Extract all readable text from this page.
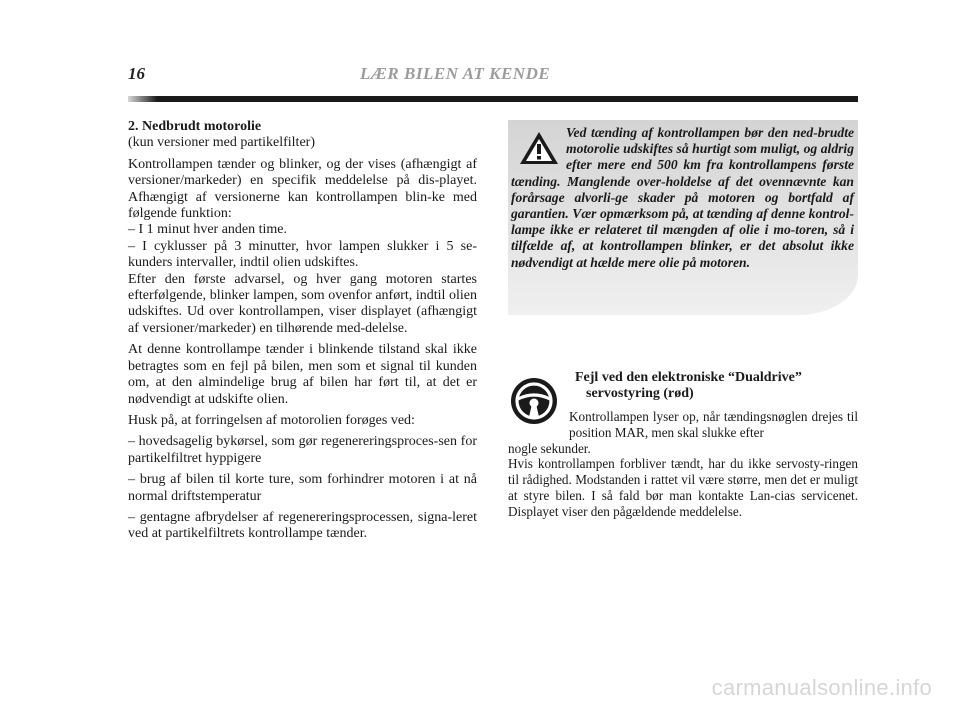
16	LÆR BILEN AT KENDE

2. Nedbrudt motorolie

(kun versioner med partikelfilter)

Kontrollampen tænder og blinker, og der vises (afhængigt af versioner/markeder) en specifik meddelelse på dis-playet. Afhængigt af versionerne kan kontrollampen blin-ke med følgende funktion:

– I 1 minut hver anden time.

– I cyklusser på 3 minutter, hvor lampen slukker i 5 se-kunders intervaller, indtil olien udskiftes.

Efter den første advarsel, og hver gang motoren startes efterfølgende, blinker lampen, som ovenfor anført, indtil olien udskiftes. Ud over kontrollampen, viser displayet (afhængigt af versioner/markeder) en tilhørende med-delelse.

At denne kontrollampe tænder i blinkende tilstand skal ikke betragtes som en fejl på bilen, men som et signal til kunden om, at den almindelige brug af bilen har ført til, at det er nødvendigt at udskifte olien.

Husk på, at forringelsen af motorolien forøges ved:

– hovedsagelig bykørsel, som gør regenereringsproces-sen for partikelfiltret hyppigere

– brug af bilen til korte ture, som forhindrer motoren i at nå normal driftstemperatur

– gentagne afbrydelser af regenereringsprocessen, signa-leret ved at partikelfiltrets kontrollampe tænder.

Ved tænding af kontrollampen bør den ned-brudte motorolie udskiftes så hurtigt som muligt, og aldrig efter mere end 500 km fra kontrollampens første tænding. Manglende over-holdelse af det ovennævnte kan forårsage alvorli-ge skader på motoren og bortfald af garantien. Vær opmærksom på, at tænding af denne kontrol-lampe ikke er relateret til mængden af olie i mo-toren, så i tilfælde af, at kontrollampen blinker, er det absolut ikke nødvendigt at hælde mere olie på motoren.
Fejl ved den elektroniske “Dualdrive”
servostyring (rød)
Kontrollampen lyser op, når tændingsnøglen drejes til position MAR, men skal slukke efter

nogle sekunder.

Hvis kontrollampen forbliver tændt, har du ikke servosty-ringen til rådighed. Modstanden i rattet vil være større, men det er muligt at styre bilen. I så fald bør man kontakte Lan-cias servicenet. Displayet viser den pågældende meddelelse.

carmanualsonline.info
